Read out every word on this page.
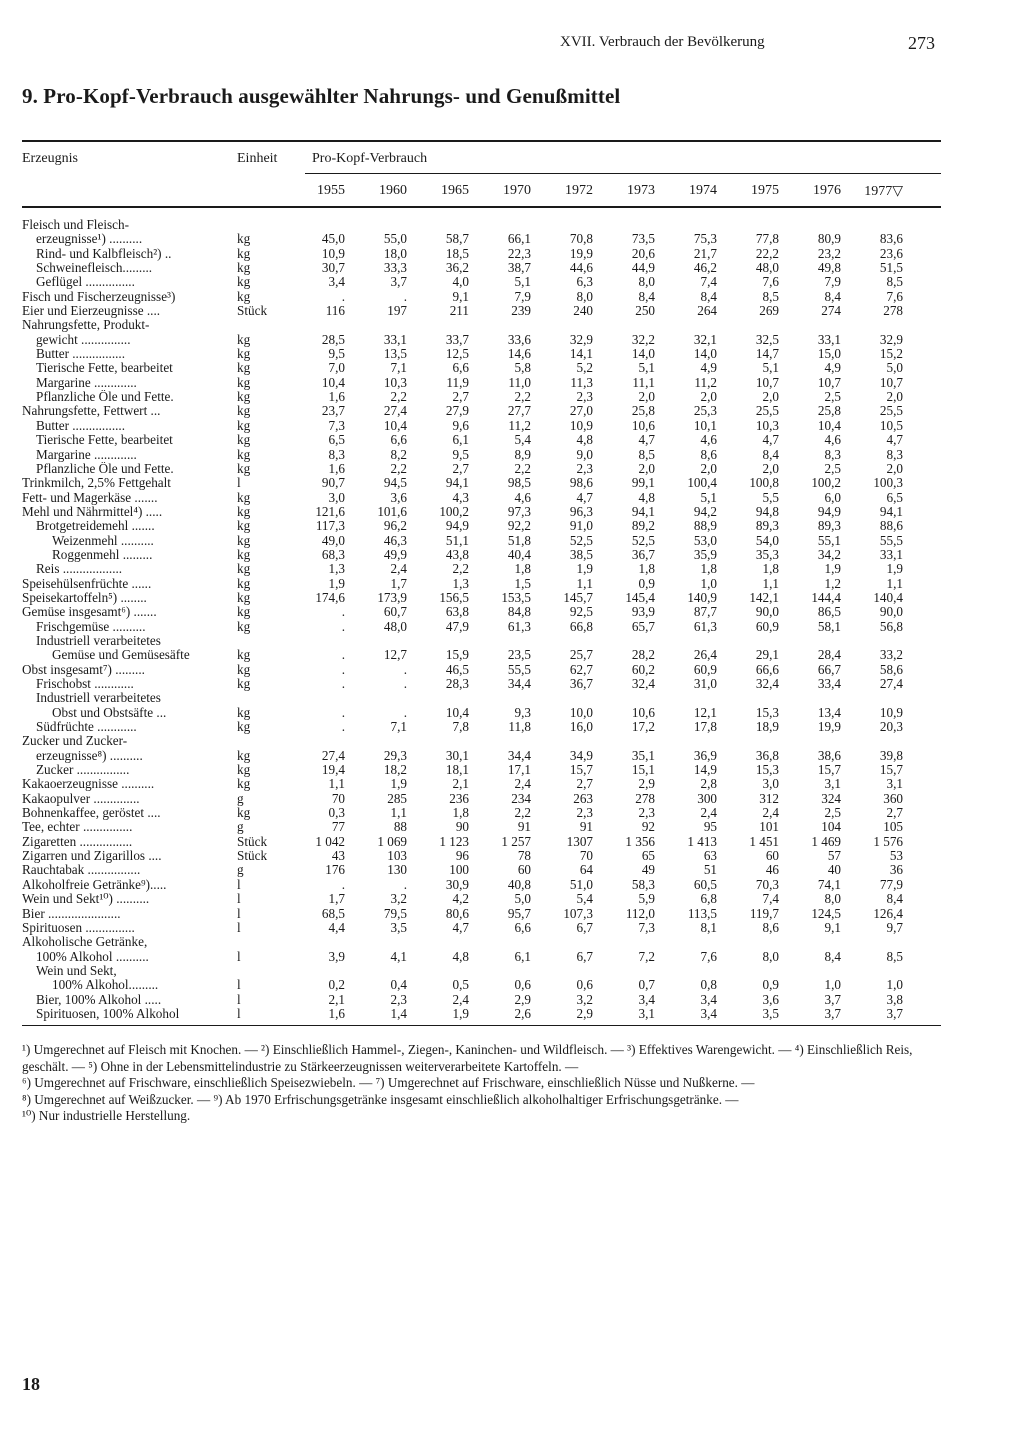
XVII. Verbrauch der Bevölkerung	273
9. Pro-Kopf-Verbrauch ausgewählter Nahrungs- und Genußmittel
Erzeugnis	Einheit Pro-Kopf-Verbrauch
1955	1960	1965	1970	1972	1973	1974	1975	1976	1977▽
Fleisch und Fleisch-
erzeugnisse¹) ..........	kg	45,0	55,0	58,7	66,1	70,8	73,5	75,3	77,8	80,9	83,6
Rind- und Kalbfleisch²) ..	kg	10,9	18,0	18,5	22,3	19,9	20,6	21,7	22,2	23,2	23,6
Schweinefleisch.........	kg	30,7	33,3	36,2	38,7	44,6	44,9	46,2	48,0	49,8	51,5
Geflügel ...............	kg	3,4	3,7	4,0	5,1	6,3	8,0	7,4	7,6	7,9	8,5
Fisch und Fischerzeugnisse³)	kg	.	.	9,1	7,9	8,0	8,4	8,4	8,5	8,4	7,6
Eier und Eierzeugnisse ....	Stück	116	197	211	239	240	250	264	269	274	278
Nahrungsfette, Produkt-
gewicht ...............	kg	28,5	33,1	33,7	33,6	32,9	32,2	32,1	32,5	33,1	32,9
Butter ................	kg	9,5	13,5	12,5	14,6	14,1	14,0	14,0	14,7	15,0	15,2
Tierische Fette, bearbeitet	kg	7,0	7,1	6,6	5,8	5,2	5,1	4,9	5,1	4,9	5,0
Margarine .............	kg	10,4	10,3	11,9	11,0	11,3	11,1	11,2	10,7	10,7	10,7
Pflanzliche Öle und Fette.	kg	1,6	2,2	2,7	2,2	2,3	2,0	2,0	2,0	2,5	2,0
Nahrungsfette, Fettwert ...	kg	23,7	27,4	27,9	27,7	27,0	25,8	25,3	25,5	25,8	25,5
Butter ................	kg	7,3	10,4	9,6	11,2	10,9	10,6	10,1	10,3	10,4	10,5
Tierische Fette, bearbeitet	kg	6,5	6,6	6,1	5,4	4,8	4,7	4,6	4,7	4,6	4,7
Margarine .............	kg	8,3	8,2	9,5	8,9	9,0	8,5	8,6	8,4	8,3	8,3
Pflanzliche Öle und Fette.	kg	1,6	2,2	2,7	2,2	2,3	2,0	2,0	2,0	2,5	2,0
Trinkmilch, 2,5% Fettgehalt	l	90,7	94,5	94,1	98,5	98,6	99,1	100,4	100,8	100,2	100,3
Fett- und Magerkäse .......	kg	3,0	3,6	4,3	4,6	4,7	4,8	5,1	5,5	6,0	6,5
Mehl und Nährmittel⁴) .....	kg	121,6	101,6	100,2	97,3	96,3	94,1	94,2	94,8	94,9	94,1
Brotgetreidemehl .......	kg	117,3	96,2	94,9	92,2	91,0	89,2	88,9	89,3	89,3	88,6
Weizenmehl ..........	kg	49,0	46,3	51,1	51,8	52,5	52,5	53,0	54,0	55,1	55,5
Roggenmehl .........	kg	68,3	49,9	43,8	40,4	38,5	36,7	35,9	35,3	34,2	33,1
Reis ..................	kg	1,3	2,4	2,2	1,8	1,9	1,8	1,8	1,8	1,9	1,9
Speisehülsenfrüchte ......	kg	1,9	1,7	1,3	1,5	1,1	0,9	1,0	1,1	1,2	1,1
Speisekartoffeln⁵) ........	kg	174,6	173,9	156,5	153,5	145,7	145,4	140,9	142,1	144,4	140,4
Gemüse insgesamt⁶) .......	kg	.	60,7	63,8	84,8	92,5	93,9	87,7	90,0	86,5	90,0
Frischgemüse ..........	kg	.	48,0	47,9	61,3	66,8	65,7	61,3	60,9	58,1	56,8
Industriell verarbeitetes
Gemüse und Gemüsesäfte	kg	.	12,7	15,9	23,5	25,7	28,2	26,4	29,1	28,4	33,2
Obst insgesamt⁷) .........	kg	.	.	46,5	55,5	62,7	60,2	60,9	66,6	66,7	58,6
Frischobst ............	kg	.	.	28,3	34,4	36,7	32,4	31,0	32,4	33,4	27,4
Industriell verarbeitetes
Obst und Obstsäfte ...	kg	.	.	10,4	9,3	10,0	10,6	12,1	15,3	13,4	10,9
Südfrüchte ............	kg	.	7,1	7,8	11,8	16,0	17,2	17,8	18,9	19,9	20,3
Zucker und Zucker-
erzeugnisse⁸) ..........	kg	27,4	29,3	30,1	34,4	34,9	35,1	36,9	36,8	38,6	39,8
Zucker ................	kg	19,4	18,2	18,1	17,1	15,7	15,1	14,9	15,3	15,7	15,7
Kakaoerzeugnisse ..........	kg	1,1	1,9	2,1	2,4	2,7	2,9	2,8	3,0	3,1	3,1
Kakaopulver ..............	g	70	285	236	234	263	278	300	312	324	360
Bohnenkaffee, geröstet ....	kg	0,3	1,1	1,8	2,2	2,3	2,3	2,4	2,4	2,5	2,7
Tee, echter ...............	g	77	88	90	91	91	92	95	101	104	105
Zigaretten ................	Stück	1 042	1 069	1 123	1 257	1307	1 356	1 413	1 451	1 469	1 576
Zigarren und Zigarillos ....	Stück	43	103	96	78	70	65	63	60	57	53
Rauchtabak ................	g	176	130	100	60	64	49	51	46	40	36
Alkoholfreie Getränke⁹).....	l	.	.	30,9	40,8	51,0	58,3	60,5	70,3	74,1	77,9
Wein und Sekt¹⁰) ..........	l	1,7	3,2	4,2	5,0	5,4	5,9	6,8	7,4	8,0	8,4
Bier ......................	l	68,5	79,5	80,6	95,7	107,3	112,0	113,5	119,7	124,5	126,4
Spirituosen ...............	l	4,4	3,5	4,7	6,6	6,7	7,3	8,1	8,6	9,1	9,7
Alkoholische Getränke,
100% Alkohol ..........	l	3,9	4,1	4,8	6,1	6,7	7,2	7,6	8,0	8,4	8,5
Wein und Sekt,
100% Alkohol.........	l	0,2	0,4	0,5	0,6	0,6	0,7	0,8	0,9	1,0	1,0
Bier, 100% Alkohol .....	l	2,1	2,3	2,4	2,9	3,2	3,4	3,4	3,6	3,7	3,8
Spirituosen, 100% Alkohol	l	1,6	1,4	1,9	2,6	2,9	3,1	3,4	3,5	3,7	3,7

¹) Umgerechnet auf Fleisch mit Knochen. — ²) Einschließlich Hammel-, Ziegen-, Kaninchen- und Wildfleisch. — ³) Effektives Warengewicht. — ⁴) Einschließlich Reis, geschält. — ⁵) Ohne in der Lebensmittelindustrie zu Stärkeerzeugnissen weiterverarbeitete Kartoffeln. —

⁶) Umgerechnet auf Frischware, einschließlich Speisezwiebeln. — ⁷) Umgerechnet auf Frischware, einschließlich Nüsse und Nußkerne. —

⁸) Umgerechnet auf Weißzucker. — ⁹) Ab 1970 Erfrischungsgetränke insgesamt einschließlich alkoholhaltiger Erfrischungsgetränke. —

¹⁰) Nur industrielle Herstellung.

18
